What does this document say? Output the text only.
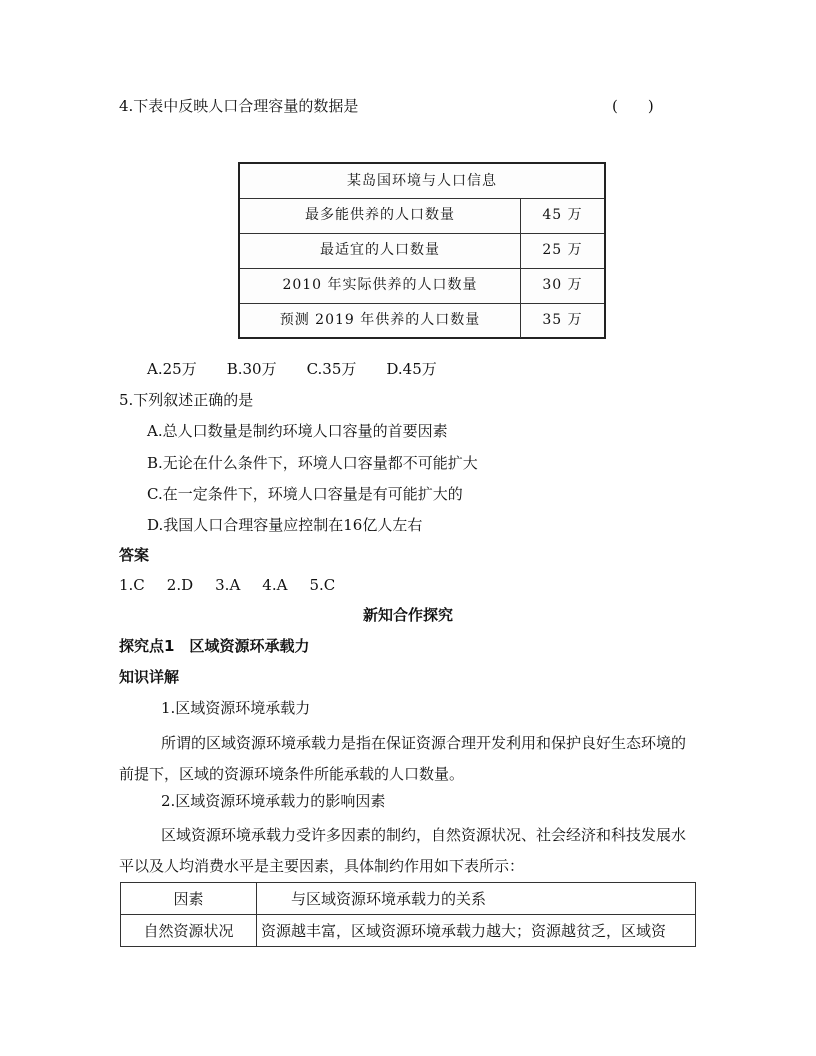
4.下表中反映人口合理容量的数据是	(　　)
某岛国环境与人口信息
最多能供养的人口数量	45 万
最适宜的人口数量	25 万
2010 年实际供养的人口数量	30 万
预测 2019 年供养的人口数量	35 万
A.25万 B.30万 C.35万 D.45万
5.下列叙述正确的是
A.总人口数量是制约环境人口容量的首要因素
B.无论在什么条件下，环境人口容量都不可能扩大
C.在一定条件下，环境人口容量是有可能扩大的
D.我国人口合理容量应控制在16亿人左右
答案
1.C 2.D 3.A 4.A 5.C
新知合作探究
探究点1　区域资源环承载力
知识详解
1.区域资源环境承载力
所谓的区域资源环境承载力是指在保证资源合理开发利用和保护良好生态环境的前提下，区域的资源环境条件所能承载的人口数量。
2.区域资源环境承载力的影响因素
区域资源环境承载力受许多因素的制约，自然资源状况、社会经济和科技发展水平以及人均消费水平是主要因素，具体制约作用如下表所示：
因素	与区域资源环境承载力的关系
自然资源状况	资源越丰富，区域资源环境承载力越大；资源越贫乏，区域资
